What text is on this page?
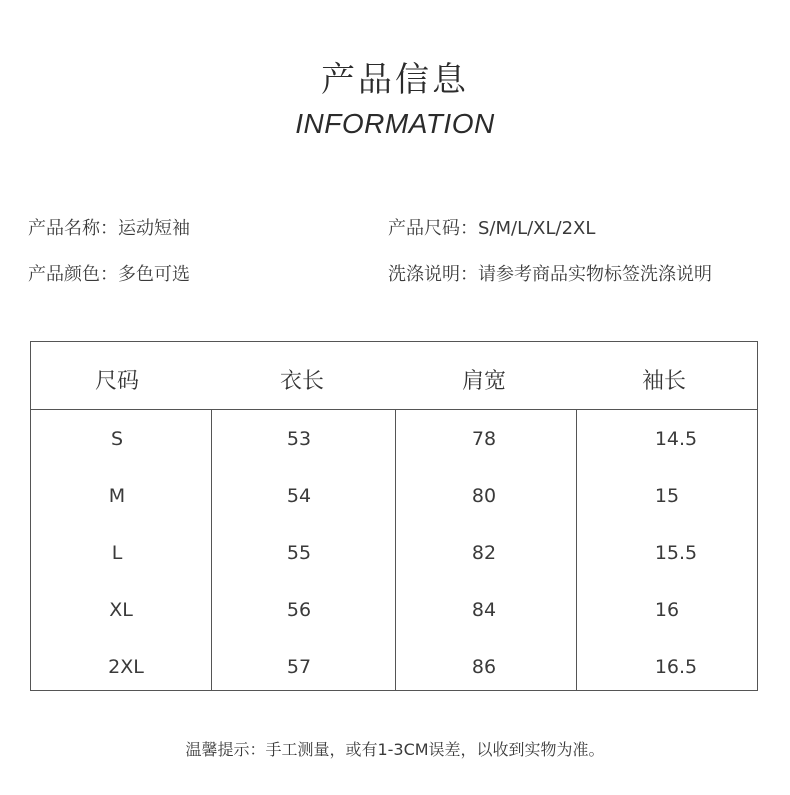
产品信息
INFORMATION
产品名称：运动短袖	产品尺码：S/M/L/XL/2XL
产品颜色：多色可选	洗涤说明：请参考商品实物标签洗涤说明
尺码	衣长	肩宽	袖长
S	53	78	14.5
M	54	80	15
L	55	82	15.5
XL	56	84	16
2XL	57	86	16.5
温馨提示：手工测量，或有1-3CM误差，以收到实物为准。
